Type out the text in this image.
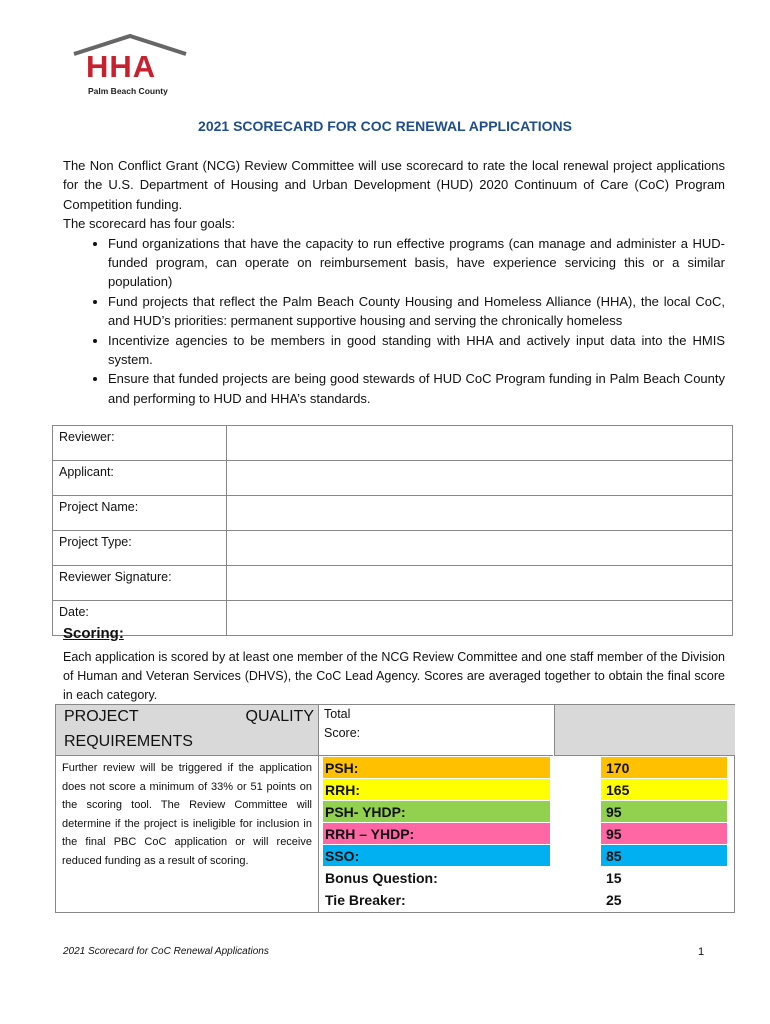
HHA
Palm Beach County
2021 SCORECARD FOR COC RENEWAL APPLICATIONS

The Non Conflict Grant (NCG) Review Committee will use scorecard to rate the local renewal project applications for the U.S. Department of Housing and Urban Development (HUD) 2020 Continuum of Care (CoC) Program Competition funding.

The scorecard has four goals:

• Fund organizations that have the capacity to run effective programs (can manage and administer a HUD-funded program, can operate on reimbursement basis, have experience servicing this or a similar population)
• Fund projects that reflect the Palm Beach County Housing and Homeless Alliance (HHA), the local CoC, and HUD’s priorities: permanent supportive housing and serving the chronically homeless
• Incentivize agencies to be members in good standing with HHA and actively input data into the HMIS system.
• Ensure that funded projects are being good stewards of HUD CoC Program funding in Palm Beach County and performing to HUD and HHA’s standards.
Reviewer:	
Applicant:	
Project Name:	
Project Type:	
Reviewer Signature:	
Date:	
Scoring:

Each application is scored by at least one member of the NCG Review Committee and one staff member of the Division of Human and Veteran Services (DHVS), the CoC Lead Agency. Scores are averaged together to obtain the final score in each category.

PROJECT	QUALITY
REQUIREMENTS
Total
Score:
Further review will be triggered if the application does not score a minimum of 33% or 51 points on the scoring tool. The Review Committee will determine if the project is ineligible for inclusion in the final PBC CoC application or will receive reduced funding as a result of scoring.
PSH:	170
RRH:	165
PSH- YHDP:	95
RRH – YHDP:	95
SSO:	85
Bonus Question:	15
Tie Breaker:	25
2021 Scorecard for CoC Renewal Applications	1
